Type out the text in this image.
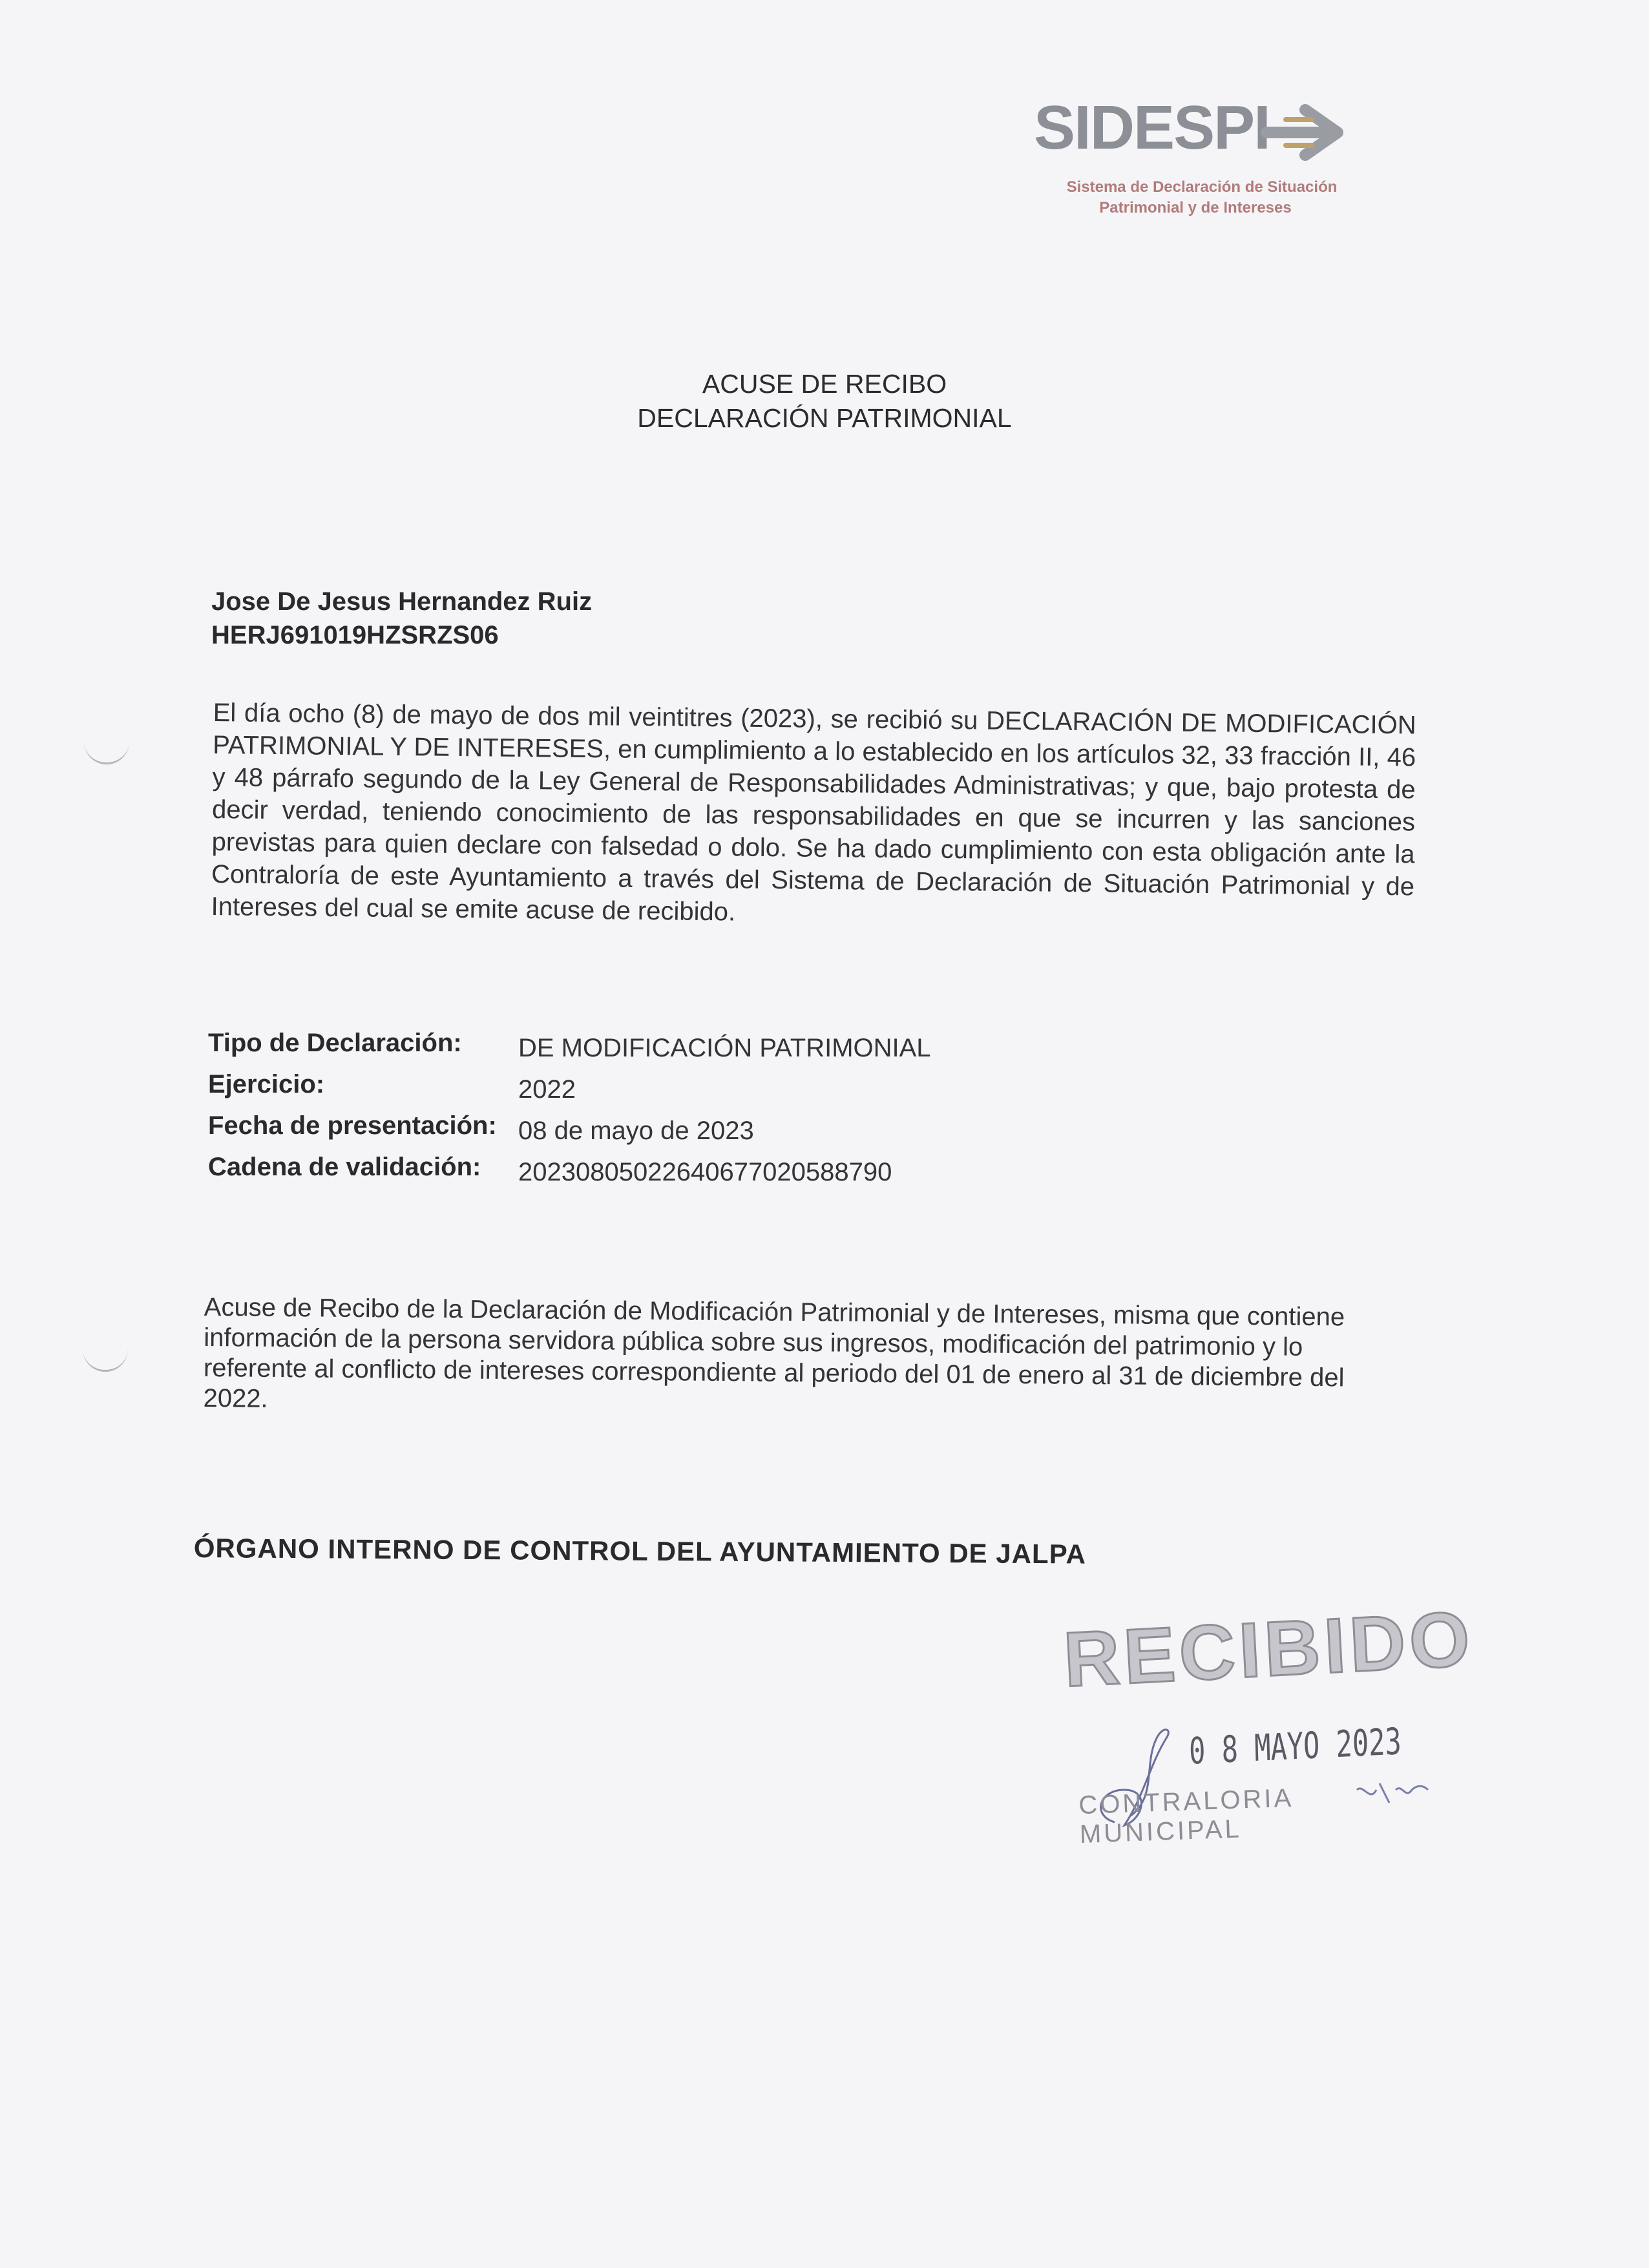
SIDESPI
Sistema de Declaración de Situación
Patrimonial y de Intereses
ACUSE DE RECIBO
DECLARACIÓN PATRIMONIAL
Jose De Jesus Hernandez Ruiz
HERJ691019HZSRZS06
El día ocho (8) de mayo de dos mil veintitres (2023), se recibió su DECLARACIÓN DE MODIFICACIÓN PATRIMONIAL Y DE INTERESES, en cumplimiento a lo establecido en los artículos 32, 33 fracción II, 46 y 48 párrafo segundo de la Ley General de Responsabilidades Administrativas; y que, bajo protesta de decir verdad, teniendo conocimiento de las responsabilidades en que se incurren y las sanciones previstas para quien declare con falsedad o dolo. Se ha dado cumplimiento con esta obligación ante la Contraloría de este Ayuntamiento a través del Sistema de Declaración de Situación Patrimonial y de Intereses del cual se emite acuse de recibido.
Tipo de Declaración: DE MODIFICACIÓN PATRIMONIAL
Ejercicio:	2022
Fecha de presentación: 08 de mayo de 2023
Cadena de validación: 20230805022640677020588790
Acuse de Recibo de la Declaración de Modificación Patrimonial y de Intereses, misma que contiene información de la persona servidora pública sobre sus ingresos, modificación del patrimonio y lo referente al conflicto de intereses correspondiente al periodo del 01 de enero al 31 de diciembre del 2022.
ÓRGANO INTERNO DE CONTROL DEL AYUNTAMIENTO DE JALPA
RECIBIDO
0 8 MAYO 2023
CONTRALORIA MUNICIPAL
